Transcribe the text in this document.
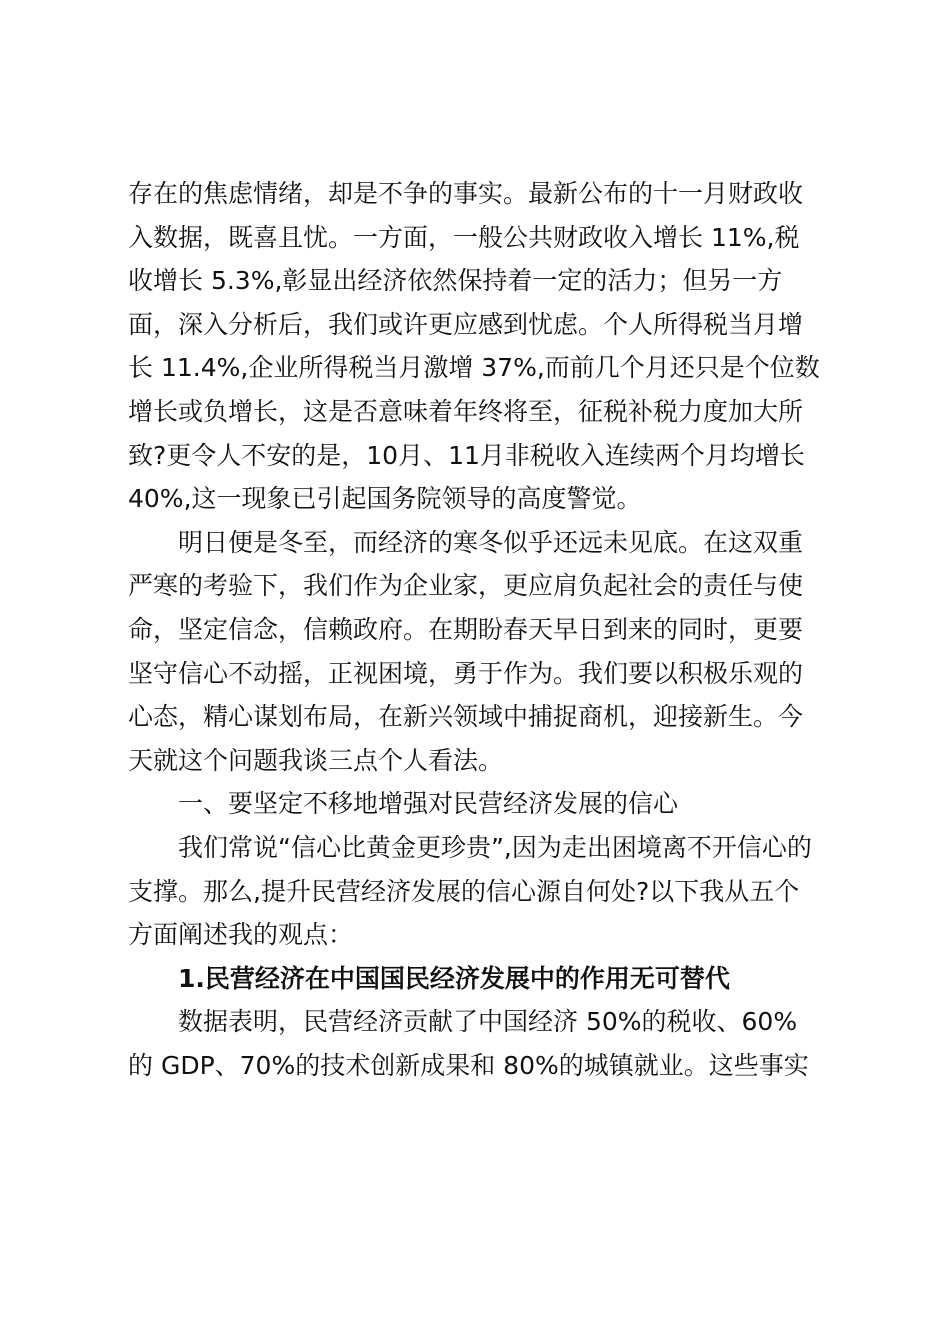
存在的焦虑情绪，却是不争的事实。最新公布的十一月财政收
入数据，既喜且忧。一方面，一般公共财政收入增长 11%,税
收增长 5.3%,彰显出经济依然保持着一定的活力；但另一方
面，深入分析后，我们或许更应感到忧虑。个人所得税当月增
长 11.4%,企业所得税当月激增 37%,而前几个月还只是个位数
增长或负增长，这是否意味着年终将至，征税补税力度加大所
致?更令人不安的是，10月、11月非税收入连续两个月均增长
40%,这一现象已引起国务院领导的高度警觉。
明日便是冬至，而经济的寒冬似乎还远未见底。在这双重
严寒的考验下，我们作为企业家，更应肩负起社会的责任与使
命，坚定信念，信赖政府。在期盼春天早日到来的同时，更要
坚守信心不动摇，正视困境，勇于作为。我们要以积极乐观的
心态，精心谋划布局，在新兴领域中捕捉商机，迎接新生。今
天就这个问题我谈三点个人看法。
一、要坚定不移地增强对民营经济发展的信心
我们常说“信心比黄金更珍贵”,因为走出困境离不开信心的
支撑。那么,提升民营经济发展的信心源自何处?以下我从五个
方面阐述我的观点：
1.民营经济在中国国民经济发展中的作用无可替代
数据表明，民营经济贡献了中国经济 50%的税收、60%
的 GDP、70%的技术创新成果和 80%的城镇就业。这些事实
